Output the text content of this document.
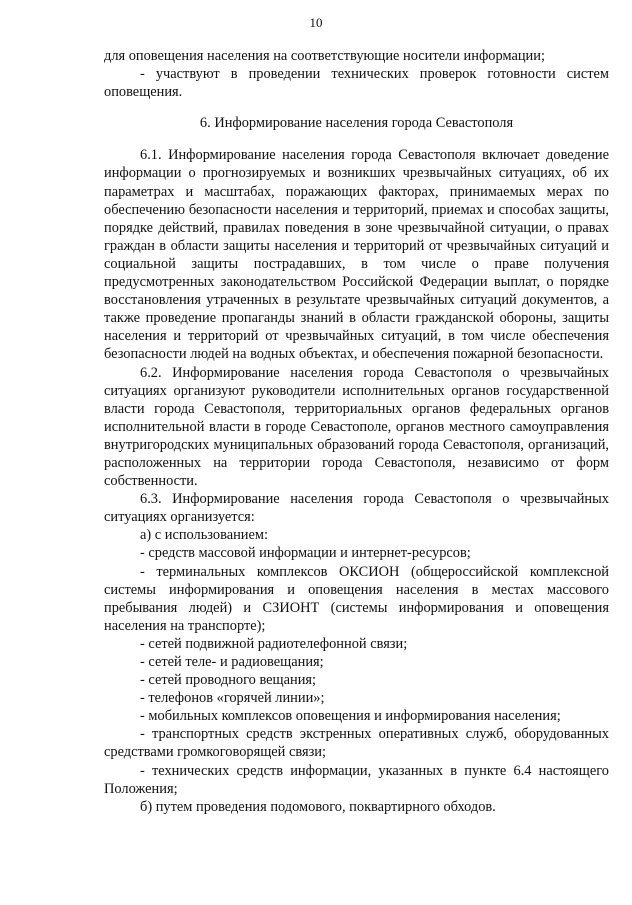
10

для оповещения населения на соответствующие носители информации;

- участвуют в проведении технических проверок готовности систем оповещения.

6. Информирование населения города Севастополя

6.1. Информирование населения города Севастополя включает доведение информации о прогнозируемых и возникших чрезвычайных ситуациях, об их параметрах и масштабах, поражающих факторах, принимаемых мерах по обеспечению безопасности населения и территорий, приемах и способах защиты, порядке действий, правилах поведения в зоне чрезвычайной ситуации, о правах граждан в области защиты населения и территорий от чрезвычайных ситуаций и социальной защиты пострадавших, в том числе о праве получения предусмотренных законодательством Российской Федерации выплат, о порядке восстановления утраченных в результате чрезвычайных ситуаций документов, а также проведение пропаганды знаний в области гражданской обороны, защиты населения и территорий от чрезвычайных ситуаций, в том числе обеспечения безопасности людей на водных объектах, и обеспечения пожарной безопасности.

6.2. Информирование населения города Севастополя о чрезвычайных ситуациях организуют руководители исполнительных органов государственной власти города Севастополя, территориальных органов федеральных органов исполнительной власти в городе Севастополе, органов местного самоуправления внутригородских муниципальных образований города Севастополя, организаций, расположенных на территории города Севастополя, независимо от форм собственности.

6.3. Информирование населения города Севастополя о чрезвычайных ситуациях организуется:

а) с использованием:

- средств массовой информации и интернет-ресурсов;

- терминальных комплексов ОКСИОН (общероссийской комплексной системы информирования и оповещения населения в местах массового пребывания людей) и СЗИОНТ (системы информирования и оповещения населения на транспорте);

- сетей подвижной радиотелефонной связи;

- сетей теле- и радиовещания;

- сетей проводного вещания;

- телефонов «горячей линии»;

- мобильных комплексов оповещения и информирования населения;

- транспортных средств экстренных оперативных служб, оборудованных средствами громкоговорящей связи;

- технических средств информации, указанных в пункте 6.4 настоящего Положения;

б) путем проведения подомового, поквартирного обходов.
